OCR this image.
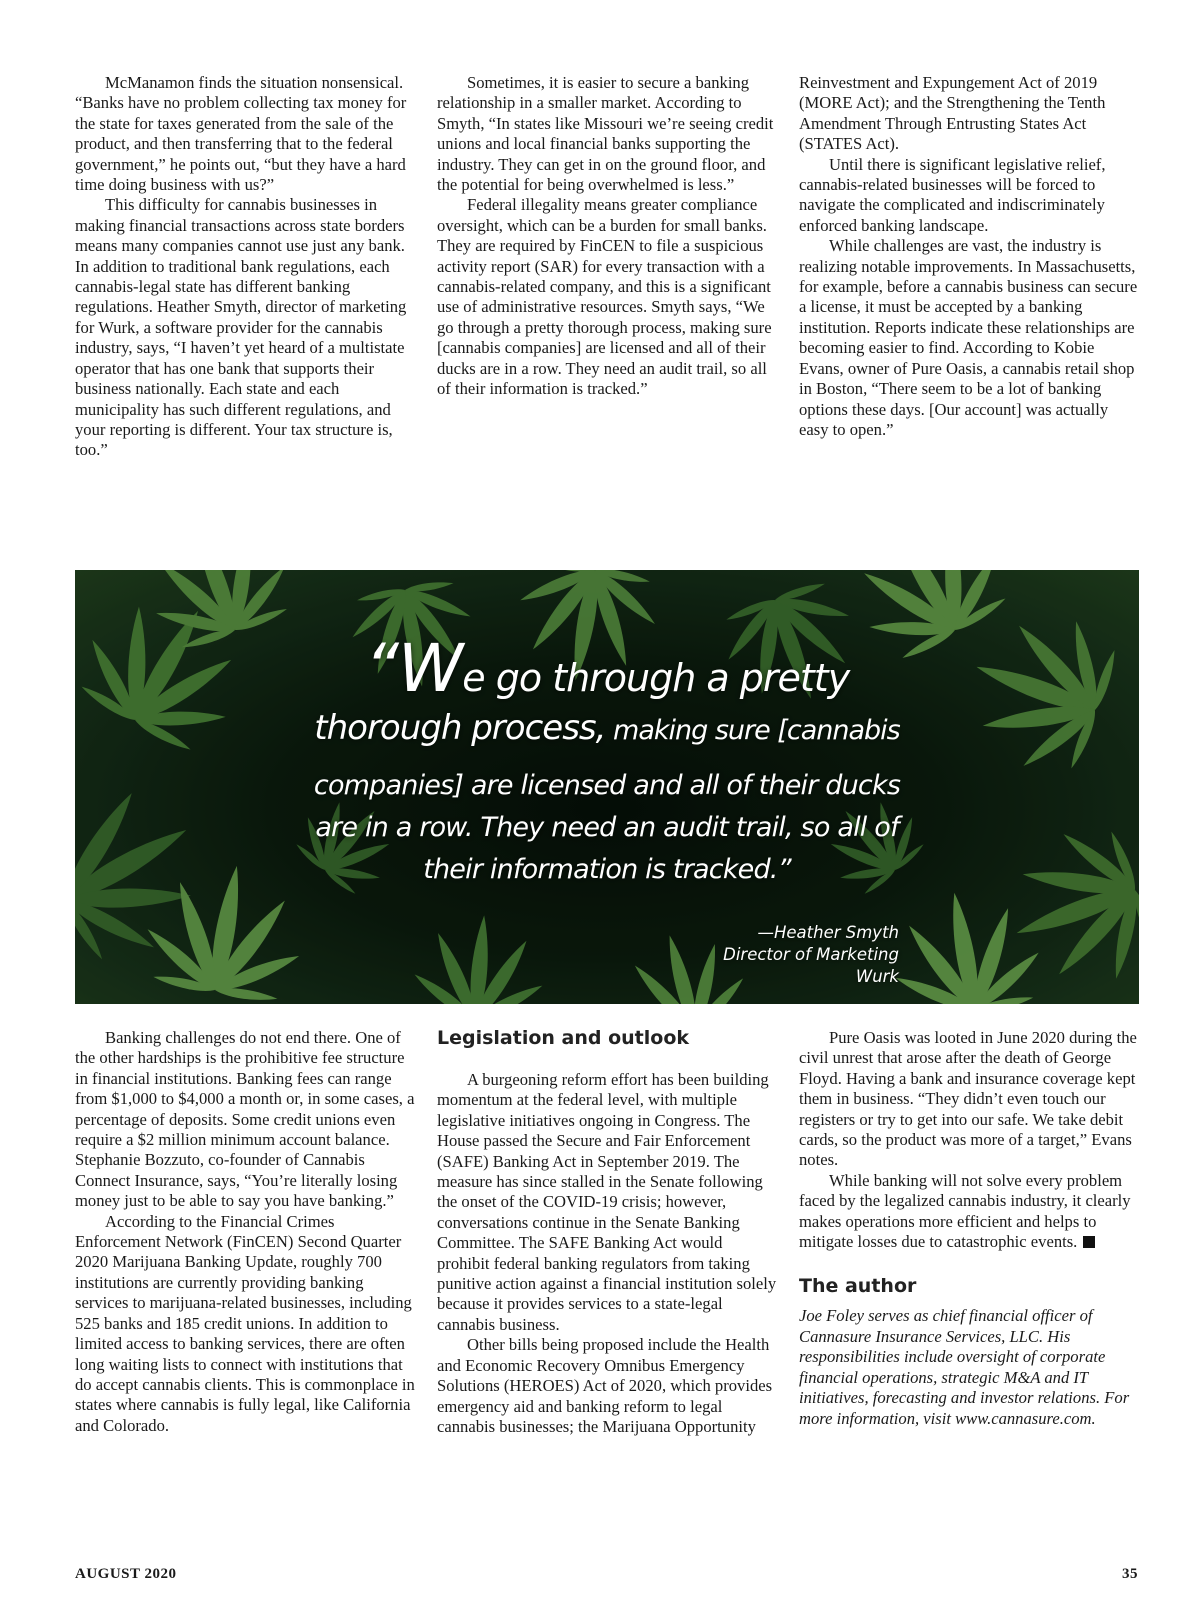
McManamon finds the situation nonsensical. “Banks have no problem collecting tax money for the state for taxes generated from the sale of the product, and then transferring that to the federal government,” he points out, “but they have a hard time doing business with us?”

This difficulty for cannabis businesses in making financial transactions across state borders means many companies cannot use just any bank. In addition to traditional bank regulations, each cannabis-legal state has different banking regulations. Heather Smyth, director of marketing for Wurk, a software provider for the cannabis industry, says, “I haven’t yet heard of a multistate operator that has one bank that supports their business nationally. Each state and each municipality has such different regulations, and your reporting is different. Your tax structure is, too.”

Sometimes, it is easier to secure a banking relationship in a smaller market. According to Smyth, “In states like Missouri we’re seeing credit unions and local financial banks supporting the industry. They can get in on the ground floor, and the potential for being overwhelmed is less.”

Federal illegality means greater compliance oversight, which can be a burden for small banks. They are required by FinCEN to file a suspicious activity report (SAR) for every transaction with a cannabis-related company, and this is a significant use of administrative resources. Smyth says, “We go through a pretty thorough process, making sure [cannabis companies] are licensed and all of their ducks are in a row. They need an audit trail, so all of their information is tracked.”

Reinvestment and Expungement Act of 2019 (MORE Act); and the Strengthening the Tenth Amendment Through Entrusting States Act (STATES Act).

Until there is significant legislative relief, cannabis-related businesses will be forced to navigate the complicated and indiscriminately enforced banking landscape.

While challenges are vast, the industry is realizing notable improvements. In Massachusetts, for example, before a cannabis business can secure a license, it must be accepted by a banking institution. Reports indicate these relationships are becoming easier to find. According to Kobie Evans, owner of Pure Oasis, a cannabis retail shop in Boston, “There seem to be a lot of banking options these days. [Our account] was actually easy to open.”

“We go through a pretty
thorough process, making sure [cannabis
companies] are licensed and all of their ducks
are in a row. They need an audit trail, so all of
their information is tracked.”
—Heather Smyth
Director of Marketing
Wurk

Banking challenges do not end there. One of the other hardships is the prohibitive fee structure in financial institutions. Banking fees can range from $1,000 to $4,000 a month or, in some cases, a percentage of deposits. Some credit unions even require a $2 million minimum account balance. Stephanie Bozzuto, co-founder of Cannabis Connect Insurance, says, “You’re literally losing money just to be able to say you have banking.”

According to the Financial Crimes Enforcement Network (FinCEN) Second Quarter 2020 Marijuana Banking Update, roughly 700 institutions are currently providing banking services to marijuana-related businesses, including 525 banks and 185 credit unions. In addition to limited access to banking services, there are often long waiting lists to connect with institutions that do accept cannabis clients. This is commonplace in states where cannabis is fully legal, like California and Colorado.

Legislation and outlook

A burgeoning reform effort has been building momentum at the federal level, with multiple legislative initiatives ongoing in Congress. The House passed the Secure and Fair Enforcement (SAFE) Banking Act in September 2019. The measure has since stalled in the Senate following the onset of the COVID-19 crisis; however, conversations continue in the Senate Banking Committee. The SAFE Banking Act would prohibit federal banking regulators from taking punitive action against a financial institution solely because it provides services to a state-legal cannabis business.

Other bills being proposed include the Health and Economic Recovery Omnibus Emergency Solutions (HEROES) Act of 2020, which provides emergency aid and banking reform to legal cannabis businesses; the Marijuana Opportunity

Pure Oasis was looted in June 2020 during the civil unrest that arose after the death of George Floyd. Having a bank and insurance coverage kept them in business. “They didn’t even touch our registers or try to get into our safe. We take debit cards, so the product was more of a target,” Evans notes.

While banking will not solve every problem faced by the legalized cannabis industry, it clearly makes operations more efficient and helps to mitigate losses due to catastrophic events.

The author

Joe Foley serves as chief financial officer of Cannasure Insurance Services, LLC. His responsibilities include oversight of corporate financial operations, strategic M&A and IT initiatives, forecasting and investor relations. For more information, visit www.cannasure.com.

AUGUST 2020	35
